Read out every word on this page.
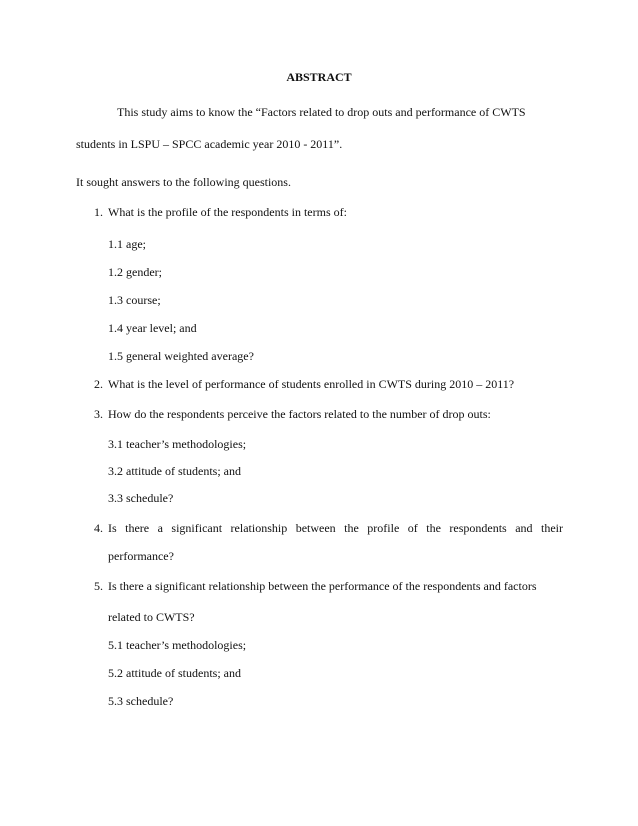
ABSTRACT
This study aims to know the “Factors related to drop outs and performance of CWTS
students in LSPU – SPCC academic year 2010 - 2011”.
It sought answers to the following questions.
1. What is the profile of the respondents in terms of:
1.1 age;
1.2 gender;
1.3 course;
1.4 year level; and
1.5 general weighted average?
2. What is the level of performance of students enrolled in CWTS during 2010 – 2011?
3. How do the respondents perceive the factors related to the number of drop outs:
3.1 teacher’s methodologies;
3.2 attitude of students; and
3.3 schedule?
4. Is there a significant relationship between the profile of the respondents and their
performance?
5. Is there a significant relationship between the performance of the respondents and factors
related to CWTS?
5.1 teacher’s methodologies;
5.2 attitude of students; and
5.3 schedule?
